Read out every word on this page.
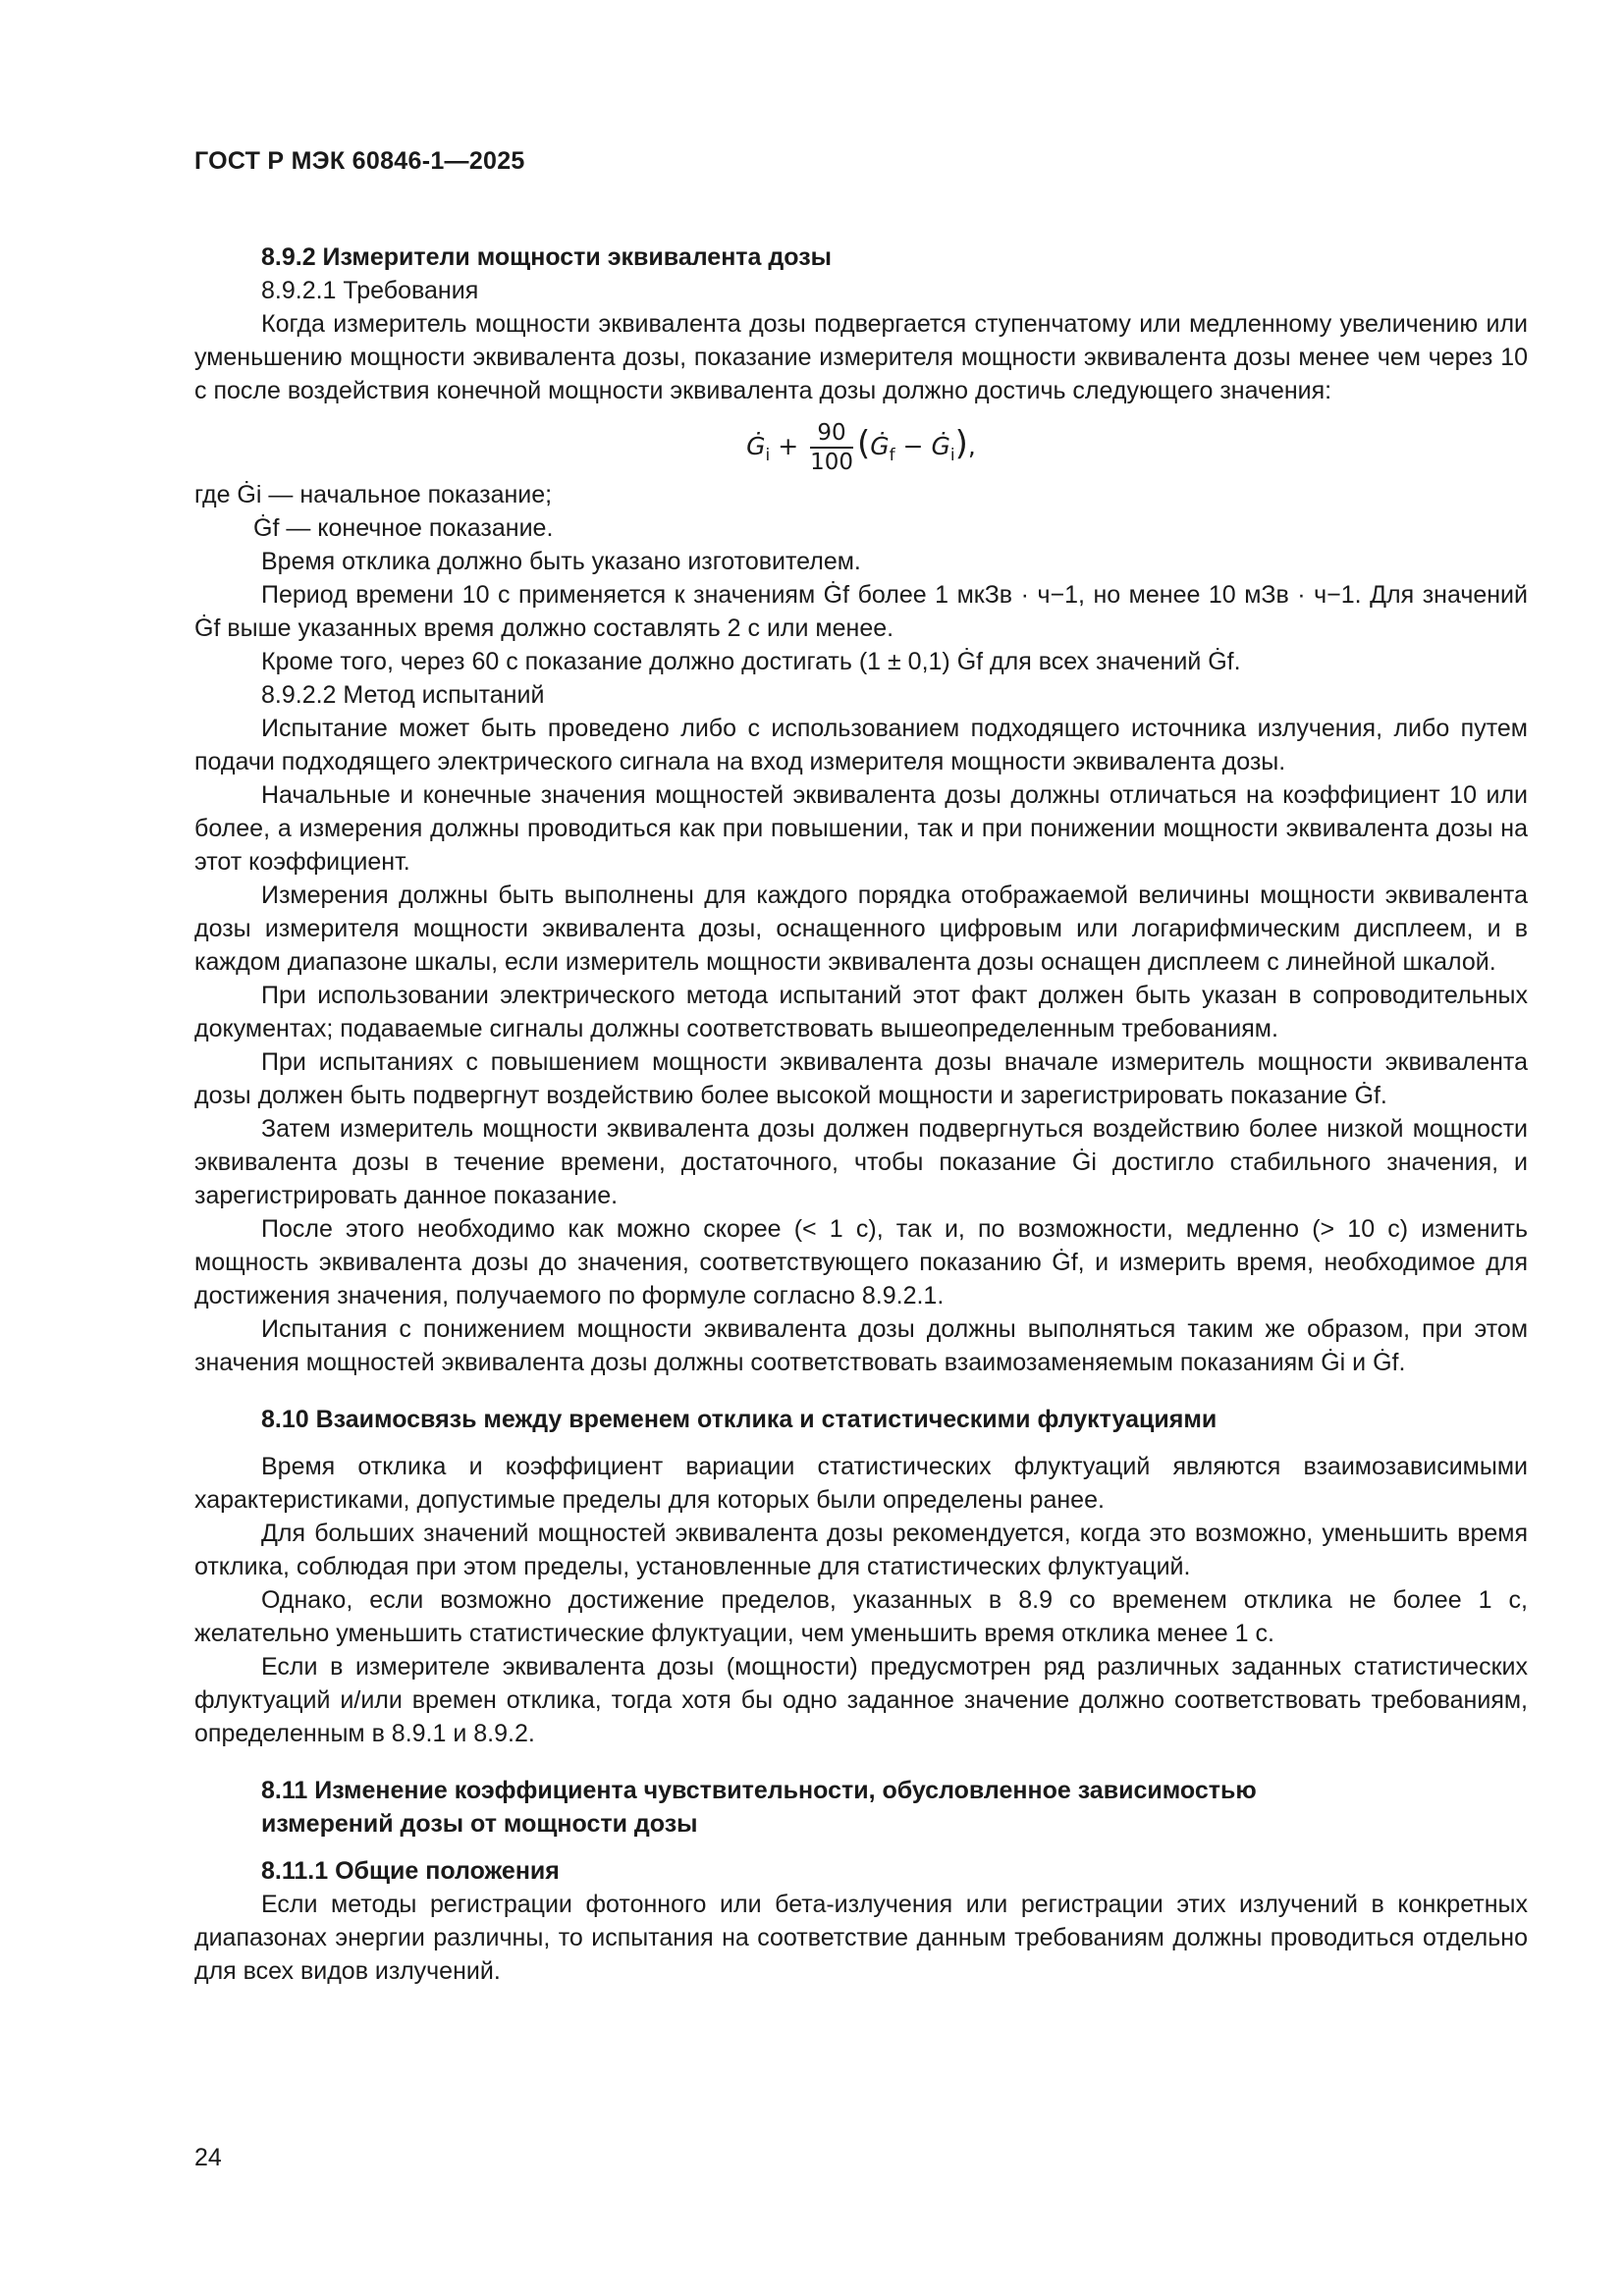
ГОСТ Р МЭК 60846-1—2025
8.9.2 Измерители мощности эквивалента дозы
8.9.2.1 Требования

Когда измеритель мощности эквивалента дозы подвергается ступенчатому или медленному увеличению или уменьшению мощности эквивалента дозы, показание измерителя мощности эквивалента дозы менее чем через 10 с после воздействия конечной мощности эквивалента дозы должно достичь следующего значения:

$Ġ_i + \frac{90}{100}$ ($Ġ_f$ − $Ġ_i$),
где Ġi — начальное показание;
Ġf — конечное показание.

Время отклика должно быть указано изготовителем.

Период времени 10 с применяется к значениям Ġf более 1 мкЗв · ч−1, но менее 10 мЗв · ч−1. Для значений Ġf выше указанных время должно составлять 2 с или менее.

Кроме того, через 60 с показание должно достигать (1 ± 0,1) Ġf для всех значений Ġf.

8.9.2.2 Метод испытаний

Испытание может быть проведено либо с использованием подходящего источника излучения, либо путем подачи подходящего электрического сигнала на вход измерителя мощности эквивалента дозы.

Начальные и конечные значения мощностей эквивалента дозы должны отличаться на коэффициент 10 или более, а измерения должны проводиться как при повышении, так и при понижении мощности эквивалента дозы на этот коэффициент.

Измерения должны быть выполнены для каждого порядка отображаемой величины мощности эквивалента дозы измерителя мощности эквивалента дозы, оснащенного цифровым или логарифмическим дисплеем, и в каждом диапазоне шкалы, если измеритель мощности эквивалента дозы оснащен дисплеем с линейной шкалой.

При использовании электрического метода испытаний этот факт должен быть указан в сопроводительных документах; подаваемые сигналы должны соответствовать вышеопределенным требованиям.

При испытаниях с повышением мощности эквивалента дозы вначале измеритель мощности эквивалента дозы должен быть подвергнут воздействию более высокой мощности и зарегистрировать показание Ġf.

Затем измеритель мощности эквивалента дозы должен подвергнуться воздействию более низкой мощности эквивалента дозы в течение времени, достаточного, чтобы показание Ġi достигло стабильного значения, и зарегистрировать данное показание.

После этого необходимо как можно скорее (< 1 с), так и, по возможности, медленно (> 10 с) изменить мощность эквивалента дозы до значения, соответствующего показанию Ġf, и измерить время, необходимое для достижения значения, получаемого по формуле согласно 8.9.2.1.

Испытания с понижением мощности эквивалента дозы должны выполняться таким же образом, при этом значения мощностей эквивалента дозы должны соответствовать взаимозаменяемым показаниям Ġi и Ġf.

8.10 Взаимосвязь между временем отклика и статистическими флуктуациями

Время отклика и коэффициент вариации статистических флуктуаций являются взаимозависимыми характеристиками, допустимые пределы для которых были определены ранее.

Для больших значений мощностей эквивалента дозы рекомендуется, когда это возможно, уменьшить время отклика, соблюдая при этом пределы, установленные для статистических флуктуаций.

Однако, если возможно достижение пределов, указанных в 8.9 со временем отклика не более 1 с, желательно уменьшить статистические флуктуации, чем уменьшить время отклика менее 1 с.

Если в измерителе эквивалента дозы (мощности) предусмотрен ряд различных заданных статистических флуктуаций и/или времен отклика, тогда хотя бы одно заданное значение должно соответствовать требованиям, определенным в 8.9.1 и 8.9.2.

8.11 Изменение коэффициента чувствительности, обусловленное зависимостью
измерений дозы от мощности дозы
8.11.1 Общие положения

Если методы регистрации фотонного или бета-излучения или регистрации этих излучений в конкретных диапазонах энергии различны, то испытания на соответствие данным требованиям должны проводиться отдельно для всех видов излучений.

24
